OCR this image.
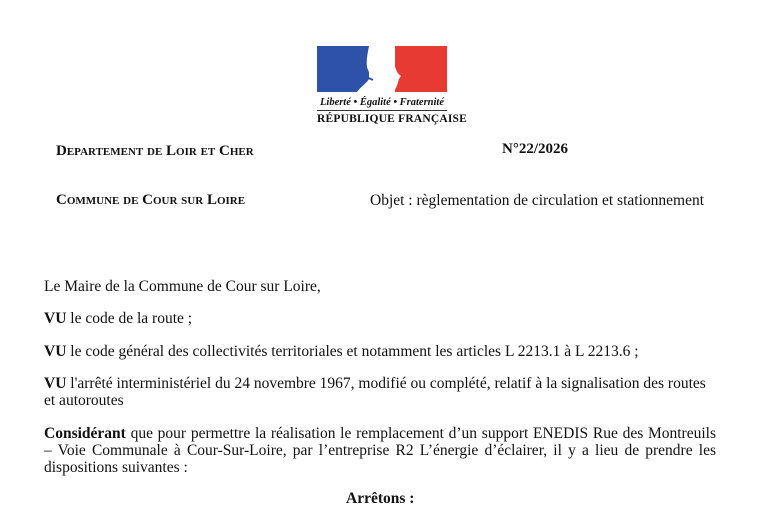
Liberté • Égalité • Fraternité
RÉPUBLIQUE FRANÇAISE
Departement de Loir et Cher	N°22/2026
Commune de Cour sur Loire	Objet : règlementation de circulation et stationnement

Le Maire de la Commune de Cour sur Loire,

VU le code de la route ;

VU le code général des collectivités territoriales et notamment les articles L 2213.1 à L 2213.6 ;

VU l'arrêté interministériel du 24 novembre 1967, modifié ou complété, relatif à la signalisation des routes et autoroutes

Considérant que pour permettre la réalisation le remplacement d’un support ENEDIS Rue des Montreuils – Voie Communale à Cour-Sur-Loire, par l’entreprise R2 L’énergie d’éclairer, il y a lieu de prendre les dispositions suivantes :

Arrêtons :
